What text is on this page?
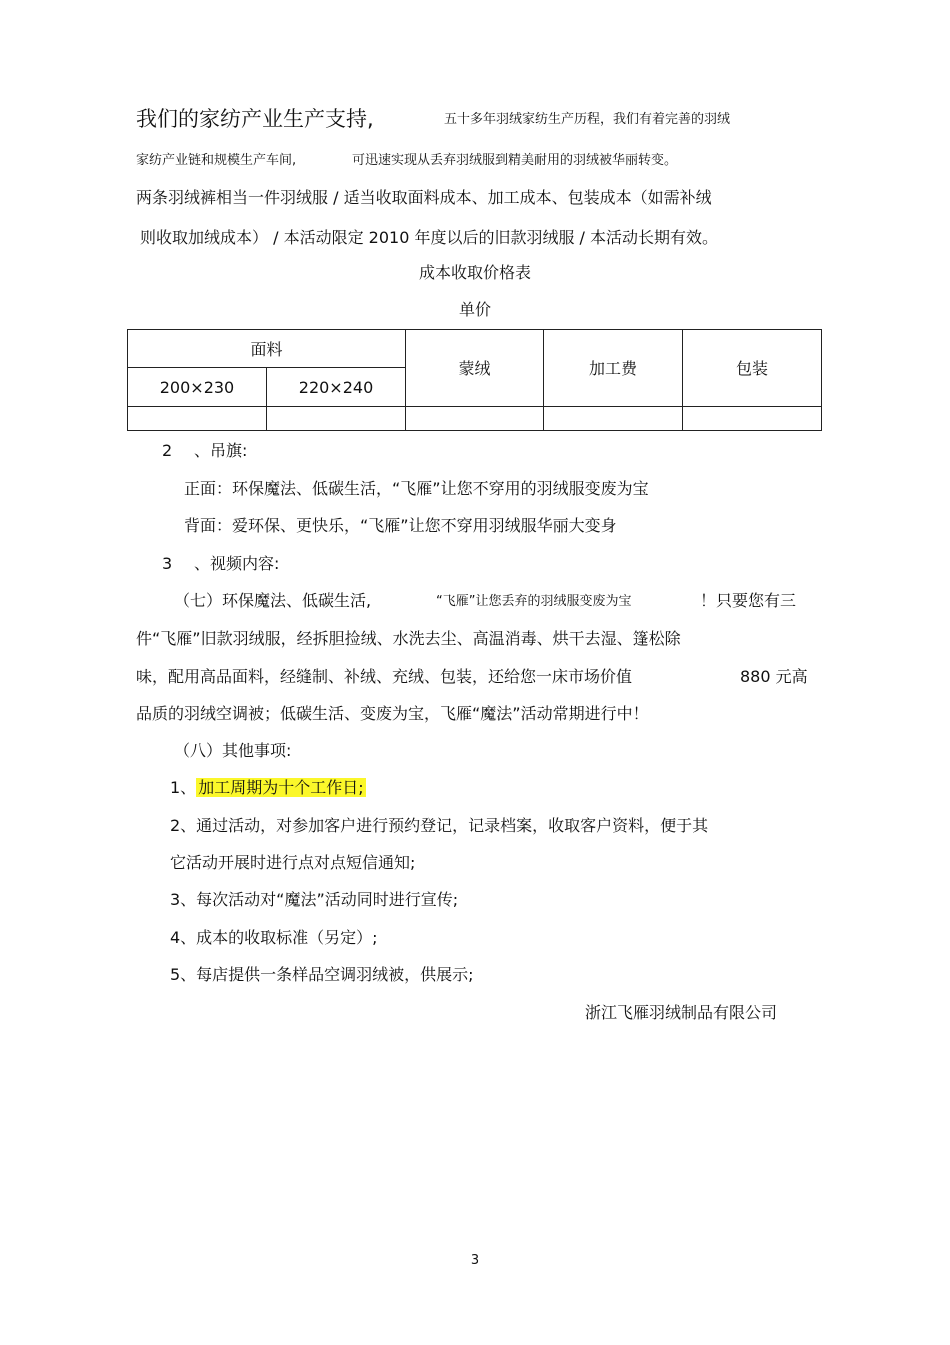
我们的家纺产业生产支持,	五十多年羽绒家纺生产历程，我们有着完善的羽绒
家纺产业链和规模生产车间,	可迅速实现从丢弃羽绒服到精美耐用的羽绒被华丽转变。
两条羽绒裤相当一件羽绒服 / 适当收取面料成本、加工成本、包装成本（如需补绒
则收取加绒成本） / 本活动限定 2010 年度以后的旧款羽绒服 / 本活动长期有效。
成本收取价格表
单价
面料		蒙绒	加工费	包装
200×230	220×240			

2 、吊旗:
正面：环保魔法、低碳生活，“飞雁”让您不穿用的羽绒服变废为宝
背面：爱环保、更快乐，“飞雁”让您不穿用羽绒服华丽大变身
3 、视频内容:
（七）环保魔法、低碳生活,	“飞雁”让您丢弃的羽绒服变废为宝	！只要您有三
件“飞雁”旧款羽绒服，经拆胆捡绒、水洗去尘、高温消毒、烘干去湿、篷松除
味，配用高品面料，经缝制、补绒、充绒、包装，还给您一床市场价值	880 元高
品质的羽绒空调被；低碳生活、变废为宝，飞雁“魔法”活动常期进行中！
（八）其他事项:
1、 加工周期为十个工作日;
2、通过活动，对参加客户进行预约登记，记录档案，收取客户资料，便于其
它活动开展时进行点对点短信通知;
3、每次活动对“魔法”活动同时进行宣传;
4、成本的收取标准（另定）;
5、每店提供一条样品空调羽绒被，供展示;
浙江飞雁羽绒制品有限公司
3
